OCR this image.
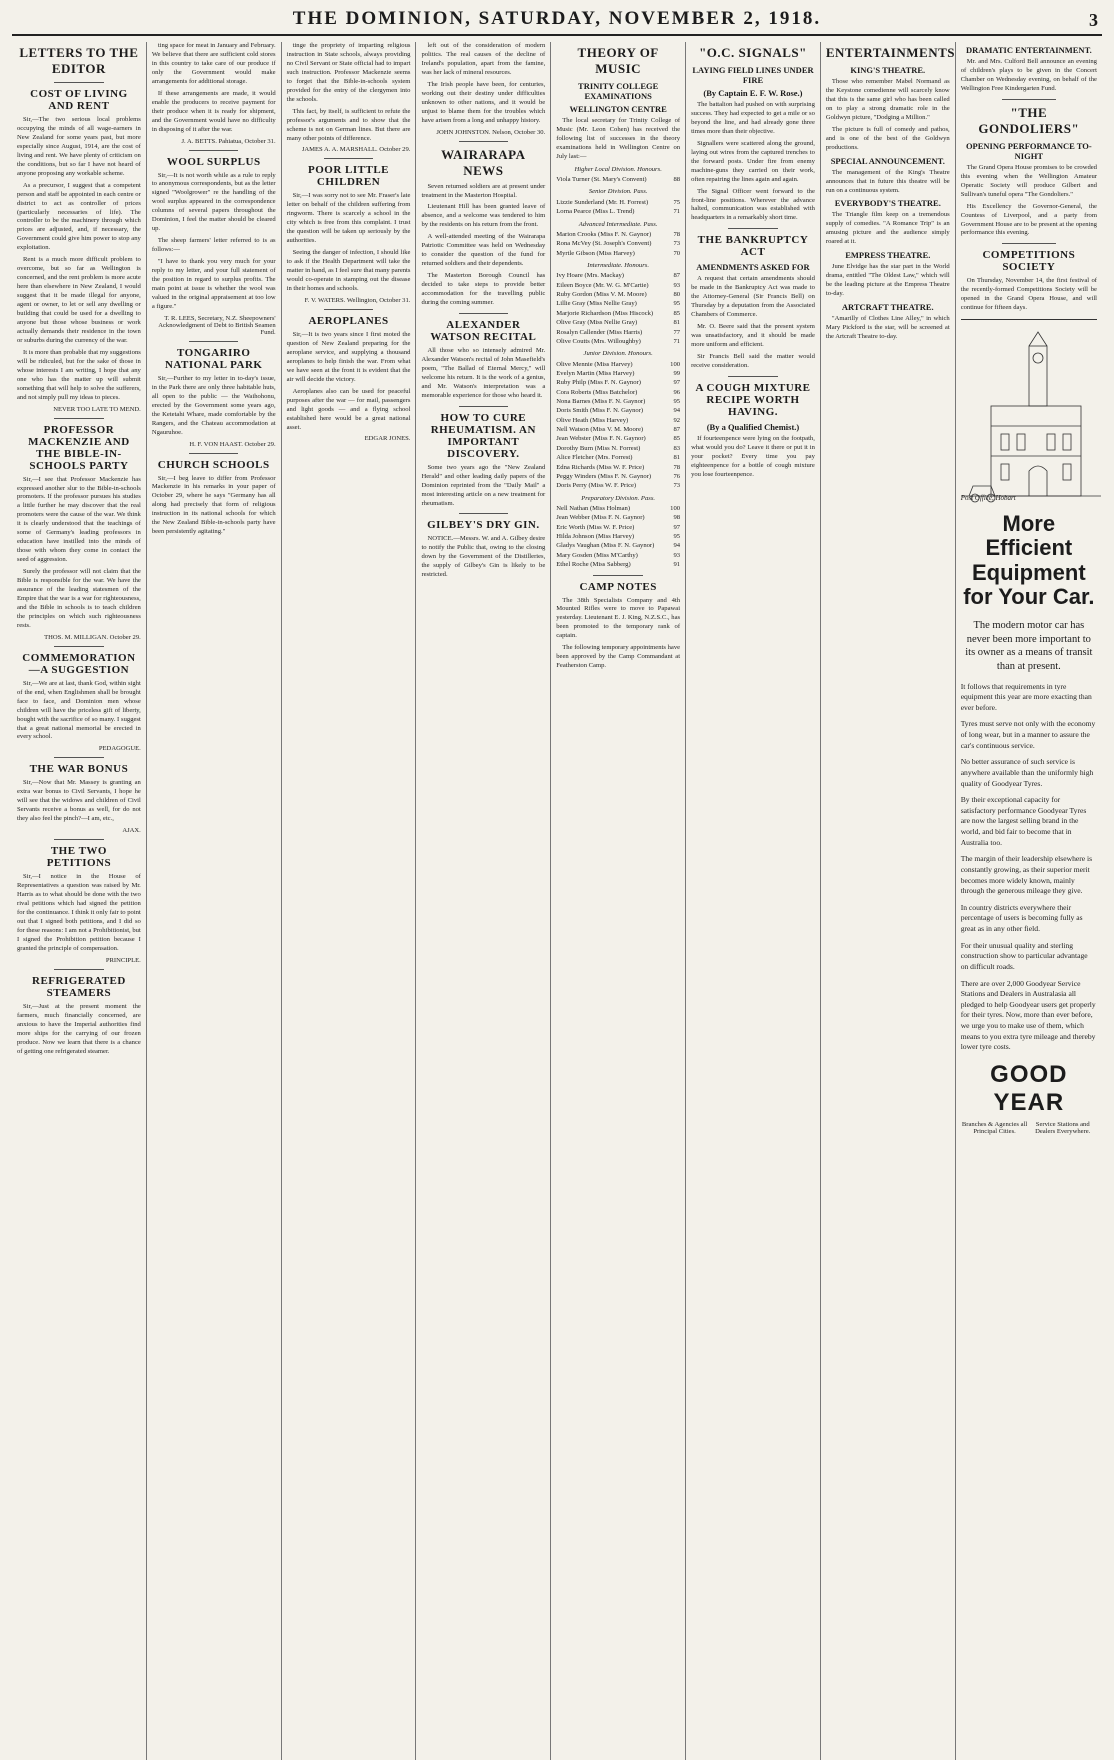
THE DOMINION, SATURDAY, NOVEMBER 2, 1918.	3
LETTERS TO THE EDITOR
COST OF LIVING AND RENT

Sir,—The two serious local problems occupying the minds of all wage-earners in New Zealand for some years past, but more especially since August, 1914, are the cost of living and rent. We have plenty of criticism on the conditions, but so far I have not heard of anyone proposing any workable scheme.

As a precursor, I suggest that a competent person and staff be appointed in each centre or district to act as controller of prices (particularly necessaries of life). The controller to be the machinery through which prices are adjusted, and, if necessary, the Government could give him power to stop any exploitation.

Rent is a much more difficult problem to overcome, but so far as Wellington is concerned, and the rent problem is more acute here than elsewhere in New Zealand, I would suggest that it be made illegal for anyone, agent or owner, to let or sell any dwelling or building that could be used for a dwelling to anyone but those whose business or work actually demands their residence in the town or suburbs during the currency of the war.

It is more than probable that my suggestions will be ridiculed, but for the sake of those in whose interests I am writing, I hope that any one who has the matter up will submit something that will help to solve the sufferers, and not simply pull my ideas to pieces.

NEVER TOO LATE TO MEND.
PROFESSOR MACKENZIE AND THE BIBLE-IN-SCHOOLS PARTY

Sir,—I see that Professor Mackenzie has expressed another slur to the Bible-in-schools promoters. If the professor pursues his studies a little further he may discover that the real promoters were the cause of the war. We think it is clearly understood that the teachings of some of Germany's leading professors in education have instilled into the minds of those with whom they come in contact the seed of aggression.

Surely the professor will not claim that the Bible is responsible for the war. We have the assurance of the leading statesmen of the Empire that the war is a war for righteousness, and the Bible in schools is to teach children the principles on which such righteousness rests.

THOS. M. MILLIGAN. October 29.
COMMEMORATION—A SUGGESTION

Sir,—We are at last, thank God, within sight of the end, when Englishmen shall be brought face to face, and Dominion men whose children will have the priceless gift of liberty, bought with the sacrifice of so many. I suggest that a great national memorial be erected in every school.

PEDAGOGUE.
THE WAR BONUS

Sir,—Now that Mr. Massey is granting an extra war bonus to Civil Servants, I hope he will see that the widows and children of Civil Servants receive a bonus as well, for do not they also feel the pinch?—I am, etc.,

AJAX.
THE TWO PETITIONS

Sir,—I notice in the House of Representatives a question was raised by Mr. Harris as to what should be done with the two rival petitions which had signed the petition for the continuance. I think it only fair to point out that I signed both petitions, and I did so for these reasons: I am not a Prohibitionist, but I signed the Prohibition petition because I granted the principle of compensation.

PRINCIPLE.
REFRIGERATED STEAMERS

Sir,—Just at the present moment the farmers, much financially concerned, are anxious to have the Imperial authorities find more ships for the carrying of our frozen produce. Now we learn that there is a chance of getting one refrigerated steamer.

ting space for meat in January and February. We believe that there are sufficient cold stores in this country to take care of our produce if only the Government would make arrangements for additional storage.

If these arrangements are made, it would enable the producers to receive payment for their produce when it is ready for shipment, and the Government would have no difficulty in disposing of it after the war.

J. A. BETTS. Pahiatua, October 31.
WOOL SURPLUS

Sir,—It is not worth while as a rule to reply to anonymous correspondents, but as the letter signed "Woolgrower" re the handling of the wool surplus appeared in the correspondence columns of several papers throughout the Dominion, I feel the matter should be cleared up.

The sheep farmers' letter referred to is as follows:—

"I have to thank you very much for your reply to my letter, and your full statement of the position in regard to surplus profits. The main point at issue is whether the wool was valued in the original appraisement at too low a figure."

T. R. LEES, Secretary, N.Z. Sheepowners' Acknowledgment of Debt to British Seamen Fund.
TONGARIRO NATIONAL PARK

Sir,—Further to my letter in to-day's issue, in the Park there are only three habitable huts, all open to the public — the Waihohonu, erected by the Government some years ago, the Ketetahi Whare, made comfortable by the Rangers, and the Chateau accommodation at Ngauruhoe.

H. F. VON HAAST. October 29.
CHURCH SCHOOLS

Sir,—I beg leave to differ from Professor Mackenzie in his remarks in your paper of October 29, where he says "Germany has all along had precisely that form of religious instruction in its national schools for which the New Zealand Bible-in-schools party have been persistently agitating."

tinge the propriety of imparting religious instruction in State schools, always providing no Civil Servant or State official had to impart such instruction. Professor Mackenzie seems to forget that the Bible-in-schools system provided for the entry of the clergymen into the schools.

This fact, by itself, is sufficient to refute the professor's arguments and to show that the scheme is not on German lines. But there are many other points of difference.

JAMES A. A. MARSHALL. October 29.
POOR LITTLE CHILDREN

Sir,—I was sorry not to see Mr. Fraser's late letter on behalf of the children suffering from ringworm. There is scarcely a school in the city which is free from this complaint. I trust the question will be taken up seriously by the authorities.

Seeing the danger of infection, I should like to ask if the Health Department will take the matter in hand, as I feel sure that many parents would co-operate in stamping out the disease in their homes and schools.

F. V. WATERS. Wellington, October 31.
AEROPLANES

Sir,—It is two years since I first moted the question of New Zealand preparing for the aeroplane service, and supplying a thousand aeroplanes to help finish the war. From what we have seen at the front it is evident that the air will decide the victory.

Aeroplanes also can be used for peaceful purposes after the war — for mail, passengers and light goods — and a flying school established here would be a great national asset.

EDGAR JONES.

left out of the consideration of modern politics. The real causes of the decline of Ireland's population, apart from the famine, was her lack of mineral resources.

The Irish people have been, for centuries, working out their destiny under difficulties unknown to other nations, and it would be unjust to blame them for the troubles which have arisen from a long and unhappy history.

JOHN JOHNSTON. Nelson, October 30.
WAIRARAPA NEWS

Seven returned soldiers are at present under treatment in the Masterton Hospital.

Lieutenant Hill has been granted leave of absence, and a welcome was tendered to him by the residents on his return from the front.

A well-attended meeting of the Wairarapa Patriotic Committee was held on Wednesday to consider the question of the fund for returned soldiers and their dependents.

The Masterton Borough Council has decided to take steps to provide better accommodation for the travelling public during the coming summer.

ALEXANDER WATSON RECITAL

All those who so intensely admired Mr. Alexander Watson's recital of John Masefield's poem, "The Ballad of Eternal Mercy," will welcome his return. It is the work of a genius, and Mr. Watson's interpretation was a memorable experience for those who heard it.

HOW TO CURE RHEUMATISM. AN IMPORTANT DISCOVERY.

Some two years ago the "New Zealand Herald" and other leading daily papers of the Dominion reprinted from the "Daily Mail" a most interesting article on a new treatment for rheumatism.

GILBEY'S DRY GIN.

NOTICE.—Messrs. W. and A. Gilbey desire to notify the Public that, owing to the closing down by the Government of the Distilleries, the supply of Gilbey's Gin is likely to be restricted.

THEORY OF MUSIC
TRINITY COLLEGE EXAMINATIONS
WELLINGTON CENTRE

The local secretary for Trinity College of Music (Mr. Leon Cohen) has received the following list of successes in the theory examinations held in Wellington Centre on July last:—

Higher Local Division. Honours.
Viola Turner (St. Mary's Convent)	88
Senior Division. Pass.
Lizzie Sunderland (Mr. H. Forrest)	75
Lorna Pearce (Miss L. Trend)	71
Advanced Intermediate. Pass.
Marion Crooks (Miss F. N. Gaynor)	78
Rona McVey (St. Joseph's Convent)	73
Myrtle Gibson (Miss Harvey)	70
Intermediate. Honours.
Ivy Hoare (Mrs. Mackay)	87
Eileen Boyce (Mr. W. G. M'Cartie)	93
Ruby Gordon (Miss V. M. Moore)	80
Lillie Gray (Miss Nellie Gray)	95
Marjorie Richardson (Miss Hiscock)	85
Olive Gray (Miss Nellie Gray)	81
Rosalyn Callender (Miss Harris)	77
Olive Coutts (Mrs. Willoughby)	71
Junior Division. Honours.
Olive Mennie (Miss Harvey)	100
Evelyn Martin (Miss Harvey)	99
Ruby Philp (Miss F. N. Gaynor)	97
Cora Roberts (Miss Batchelor)	96
Nona Barnes (Miss F. N. Gaynor)	95
Doris Smith (Miss F. N. Gaynor)	94
Olive Heath (Miss Harvey)	92
Nell Watson (Miss V. M. Moore)	87
Jean Webster (Miss F. N. Gaynor)	85
Dorothy Burn (Miss N. Forrest)	83
Alice Fletcher (Mrs. Forrest)	81
Edna Richards (Miss W. F. Price)	78
Peggy Winders (Miss F. N. Gaynor)	76
Doris Perry (Miss W. F. Price)	73
Preparatory Division. Pass.
Nell Nathan (Miss Holman)	100
Jean Webber (Miss F. N. Gaynor)	98
Eric Worth (Miss W. F. Price)	97
Hilda Johnson (Miss Harvey)	95
Gladys Vaughan (Miss F. N. Gaynor)	94
Mary Gosden (Miss M'Carthy)	93
Ethel Roche (Miss Sabberg)	91
CAMP NOTES

The 38th Specialists Company and 4th Mounted Rifles were to move to Papawai yesterday. Lieutenant E. J. King, N.Z.S.C., has been promoted to the temporary rank of captain.

The following temporary appointments have been approved by the Camp Commandant at Featherston Camp.

"O.C. SIGNALS"
LAYING FIELD LINES UNDER FIRE
(By Captain E. F. W. Rose.)

The battalion had pushed on with surprising success. They had expected to get a mile or so beyond the line, and had already gone three times more than their objective.

Signallers were scattered along the ground, laying out wires from the captured trenches to the forward posts. Under fire from enemy machine-guns they carried on their work, often repairing the lines again and again.

The Signal Officer went forward to the front-line positions. Wherever the advance halted, communication was established with headquarters in a remarkably short time.

THE BANKRUPTCY ACT
AMENDMENTS ASKED FOR

A request that certain amendments should be made in the Bankruptcy Act was made to the Attorney-General (Sir Francis Bell) on Thursday by a deputation from the Associated Chambers of Commerce.

Mr. O. Beere said that the present system was unsatisfactory, and it should be made more uniform and efficient.

Sir Francis Bell said the matter would receive consideration.

A COUGH MIXTURE RECIPE WORTH HAVING.
(By a Qualified Chemist.)

If fourteenpence were lying on the footpath, what would you do? Leave it there or put it in your pocket? Every time you pay eighteenpence for a bottle of cough mixture you lose fourteenpence.

ENTERTAINMENTS
KING'S THEATRE.

Those who remember Mabel Normand as the Keystone comedienne will scarcely know that this is the same girl who has been called on to play a strong dramatic role in the Goldwyn picture, "Dodging a Million."

The picture is full of comedy and pathos, and is one of the best of the Goldwyn productions.

SPECIAL ANNOUNCEMENT.

The management of the King's Theatre announces that in future this theatre will be run on a continuous system.

EVERYBODY'S THEATRE.

The Triangle film keep on a tremendous supply of comedies. "A Romance Trip" is an amusing picture and the audience simply roared at it.

EMPRESS THEATRE.

June Elvidge has the star part in the World drama, entitled "The Oldest Law," which will be the leading picture at the Empress Theatre to-day.

ARTCRAFT THEATRE.

"Amarilly of Clothes Line Alley," in which Mary Pickford is the star, will be screened at the Artcraft Theatre to-day.

DRAMATIC ENTERTAINMENT.

Mr. and Mrs. Culford Bell announce an evening of children's plays to be given in the Concert Chamber on Wednesday evening, on behalf of the Wellington Free Kindergarten Fund.

"THE GONDOLIERS"
OPENING PERFORMANCE TO-NIGHT

The Grand Opera House promises to be crowded this evening when the Wellington Amateur Operatic Society will produce Gilbert and Sullivan's tuneful opera "The Gondoliers."

His Excellency the Governor-General, the Countess of Liverpool, and a party from Government House are to be present at the opening performance this evening.

COMPETITIONS SOCIETY

On Thursday, November 14, the first festival of the recently-formed Competitions Society will be opened in the Grand Opera House, and will continue for fifteen days.

Post Office, Hobart
More Efficient Equipment for Your Car.
The modern motor car has never been more important to its owner as a means of transit than at present.
It follows that requirements in tyre equipment this year are more exacting than ever before.
Tyres must serve not only with the economy of long wear, but in a manner to assure the car's continuous service.
No better assurance of such service is anywhere available than the uniformly high quality of Goodyear Tyres.
By their exceptional capacity for satisfactory performance Goodyear Tyres are now the largest selling brand in the world, and bid fair to become that in Australia too.
The margin of their leadership elsewhere is constantly growing, as their superior merit becomes more widely known, mainly through the generous mileage they give.
In country districts everywhere their percentage of users is becoming fully as great as in any other field.
For their unusual quality and sterling construction show to particular advantage on difficult roads.
There are over 2,000 Goodyear Service Stations and Dealers in Australasia all pledged to help Goodyear users get properly for their tyres. Now, more than ever before, we urge you to make use of them, which means to you extra tyre mileage and thereby lower tyre costs.
GOOD YEAR
Branches & Agencies all Principal Cities.
Service Stations and Dealers Everywhere.
